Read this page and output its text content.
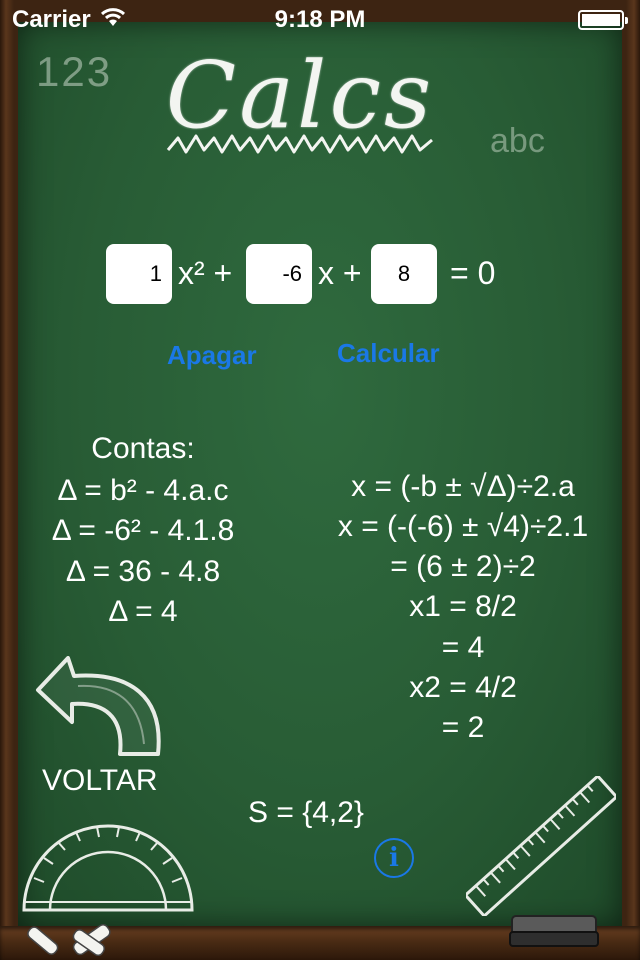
Carrier	9:18 PM
123
abc
Calcs
1
x² +
-6	x +
8	= 0
Apagar	Calcular
Contas:
Δ = b² - 4.a.c
Δ = -6² - 4.1.8
Δ = 36 - 4.8
Δ = 4
x = (-b ± √Δ)÷2.a
x = (-(-6) ± √4)÷2.1
= (6 ± 2)÷2
x1 = 8/2
= 4
x2 = 4/2
= 2
VOLTAR
S = {4,2}
i
